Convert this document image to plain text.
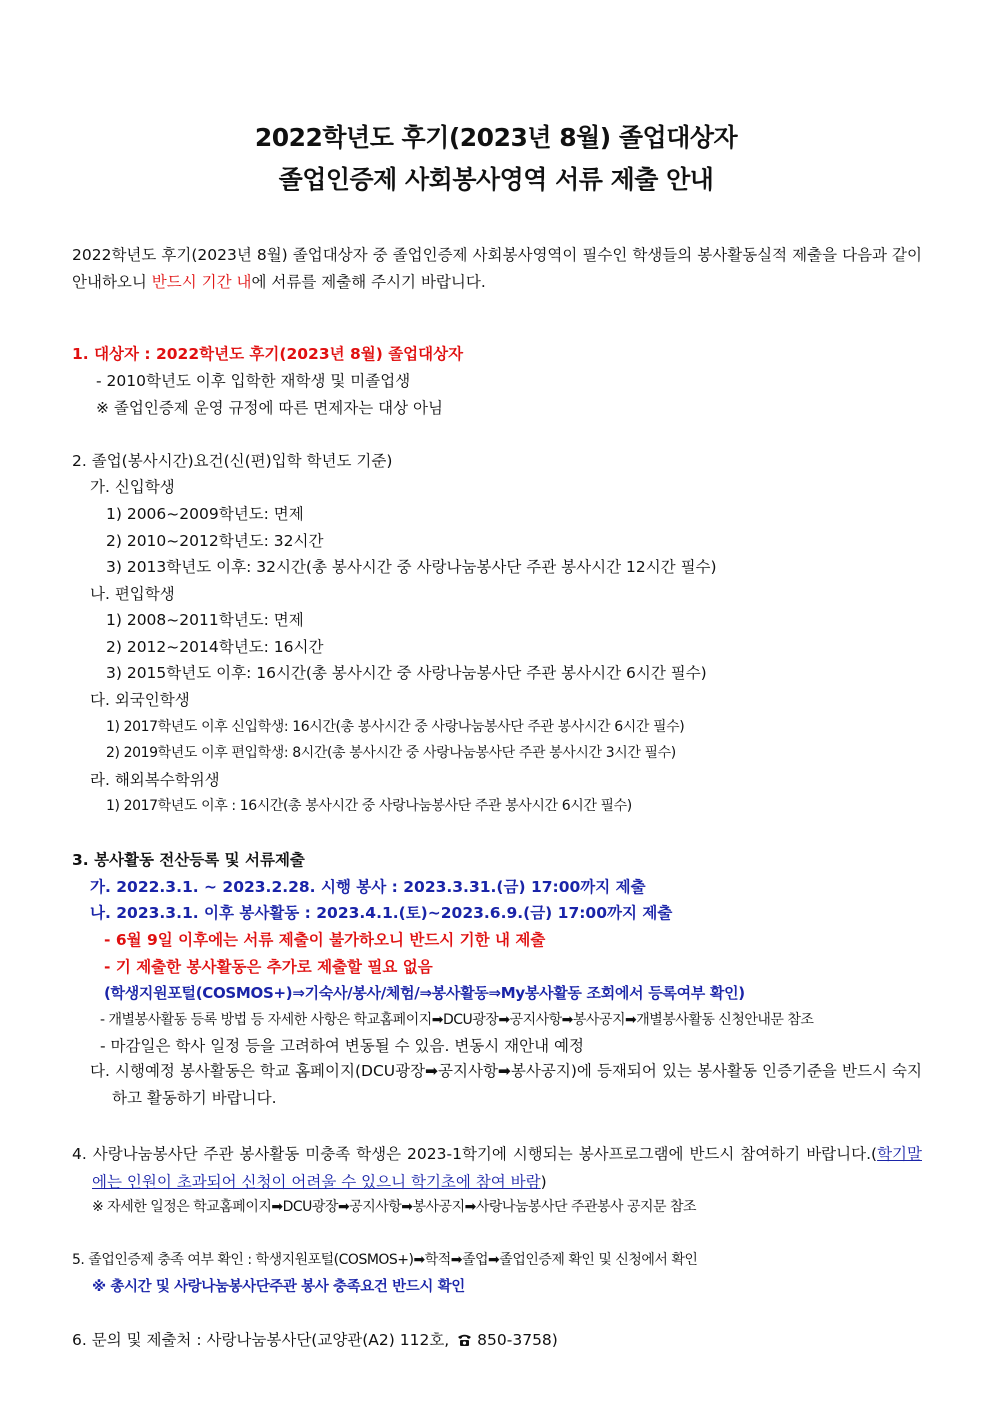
2022학년도 후기(2023년 8월) 졸업대상자
졸업인증제 사회봉사영역 서류 제출 안내
2022학년도 후기(2023년 8월) 졸업대상자 중 졸업인증제 사회봉사영역이 필수인 학생들의 봉사활동실적 제출을 다음과 같이 안내하오니 반드시 기간 내에 서류를 제출해 주시기 바랍니다.
1. 대상자 : 2022학년도 후기(2023년 8월) 졸업대상자
- 2010학년도 이후 입학한 재학생 및 미졸업생
※ 졸업인증제 운영 규정에 따른 면제자는 대상 아님
2. 졸업(봉사시간)요건(신(편)입학 학년도 기준)
가. 신입학생
1) 2006~2009학년도: 면제
2) 2010~2012학년도: 32시간
3) 2013학년도 이후: 32시간(총 봉사시간 중 사랑나눔봉사단 주관 봉사시간 12시간 필수)
나. 편입학생
1) 2008~2011학년도: 면제
2) 2012~2014학년도: 16시간
3) 2015학년도 이후: 16시간(총 봉사시간 중 사랑나눔봉사단 주관 봉사시간 6시간 필수)
다. 외국인학생
1) 2017학년도 이후 신입학생: 16시간(총 봉사시간 중 사랑나눔봉사단 주관 봉사시간 6시간 필수)
2) 2019학년도 이후 편입학생: 8시간(총 봉사시간 중 사랑나눔봉사단 주관 봉사시간 3시간 필수)
라. 해외복수학위생
1) 2017학년도 이후 : 16시간(총 봉사시간 중 사랑나눔봉사단 주관 봉사시간 6시간 필수)
3. 봉사활동 전산등록 및 서류제출
가. 2022.3.1. ~ 2023.2.28. 시행 봉사 : 2023.3.31.(금) 17:00까지 제출
나. 2023.3.1. 이후 봉사활동 : 2023.4.1.(토)~2023.6.9.(금) 17:00까지 제출
- 6월 9일 이후에는 서류 제출이 불가하오니 반드시 기한 내 제출
- 기 제출한 봉사활동은 추가로 제출할 필요 없음
(학생지원포털(COSMOS+)⇒기숙사/봉사/체험/⇒봉사활동⇒My봉사활동 조회에서 등록여부 확인)
- 개별봉사활동 등록 방법 등 자세한 사항은 학교홈페이지➡DCU광장➡공지사항➡봉사공지➡개별봉사활동 신청안내문 참조
- 마감일은 학사 일정 등을 고려하여 변동될 수 있음. 변동시 재안내 예정
다. 시행예정 봉사활동은 학교 홈페이지(DCU광장➡공지사항➡봉사공지)에 등재되어 있는 봉사활동 인증기준을 반드시 숙지하고 활동하기 바랍니다.
4. 사랑나눔봉사단 주관 봉사활동 미충족 학생은 2023-1학기에 시행되는 봉사프로그램에 반드시 참여하기 바랍니다.(학기말에는 인원이 초과되어 신청이 어려울 수 있으니 학기초에 참여 바람)
※ 자세한 일정은 학교홈페이지➡DCU광장➡공지사항➡봉사공지➡사랑나눔봉사단 주관봉사 공지문 참조
5. 졸업인증제 충족 여부 확인 : 학생지원포털(COSMOS+)➡학적➡졸업➡졸업인증제 확인 및 신청에서 확인
※ 총시간 및 사랑나눔봉사단주관 봉사 충족요건 반드시 확인
6. 문의 및 제출처 : 사랑나눔봉사단(교양관(A2) 112호, 850-3758)
